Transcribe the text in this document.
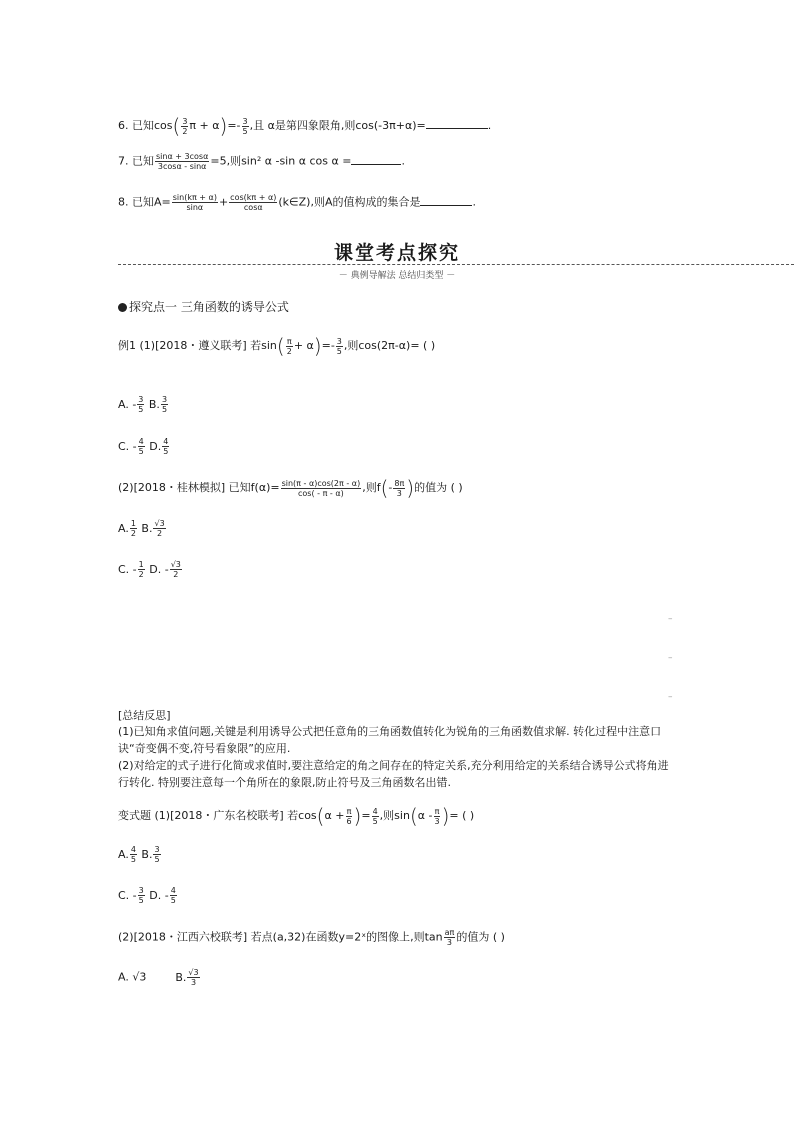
6. 已知$\cos( \frac{3}{2}$ $\pi + \alpha)=- \frac{3}{5}$ ,且 α是第四象限角,则cos(-3π+α)=	.
7. 已知 $\frac{\sin\alpha + 3\cos\alpha}{3\cos\alpha - \sin\alpha} =5$,则sin² α -sin α cos α =	.
8. 已知$A= \frac{\sin(k\pi + \alpha)}{\sin\alpha} + \frac{\cos(k\pi + \alpha)}{\cos\alpha}$ (k∈Z),则A的值构成的集合是	.
课堂考点探究
－ 典例导解法 总结归类型 －
探究点一 三角函数的诱导公式
例1 (1)[2018・遵义联考] 若$\sin( \frac{\pi}{2} + \alpha)=- \frac{3}{5}$ ,则cos(2π-α)= ( )
A. - $\frac{3}{5} B$. $\frac{3}{5}$
C. - $\frac{4}{5} D$. $\frac{4}{5}$
(2)[2018・桂林模拟] 已知$f(\alpha)= \frac{\sin(\pi - \alpha)\cos(2\pi - \alpha)}{\cos( - \pi - \alpha)}$ ,则$f(- \frac{8\pi}{3}$ )的值为 ( )
A. $\frac{1}{2} B$. $\frac{√3}{2}$
C. - $\frac{1}{2} D$. - $\frac{√3}{2}$
–
–
–
[总结反思]
(1)已知角求值问题,关键是利用诱导公式把任意角的三角函数值转化为锐角的三角函数值求解. 转化过程中注意口诀“奇变偶不变,符号看象限”的应用.
(2)对给定的式子进行化简或求值时,要注意给定的角之间存在的特定关系,充分利用给定的关系结合诱导公式将角进行转化. 特别要注意每一个角所在的象限,防止符号及三角函数名出错.
变式题 (1)[2018・广东名校联考] 若$\cos(\alpha + \frac{\pi}{6}$ )= $\frac{4}{5}$ ,则$\sin(\alpha - \frac{\pi}{3}$ )= ( )
A. $\frac{4}{5} B$. $\frac{3}{5}$
C. - $\frac{3}{5} D$. - $\frac{4}{5}$
(2)[2018・江西六校联考] 若点(a,32)在函数y=2ˣ的图像上,则$\tan \frac{a\pi}{3}$ 的值为 ( )
A. √3	B. $\frac{√3}{3}$
